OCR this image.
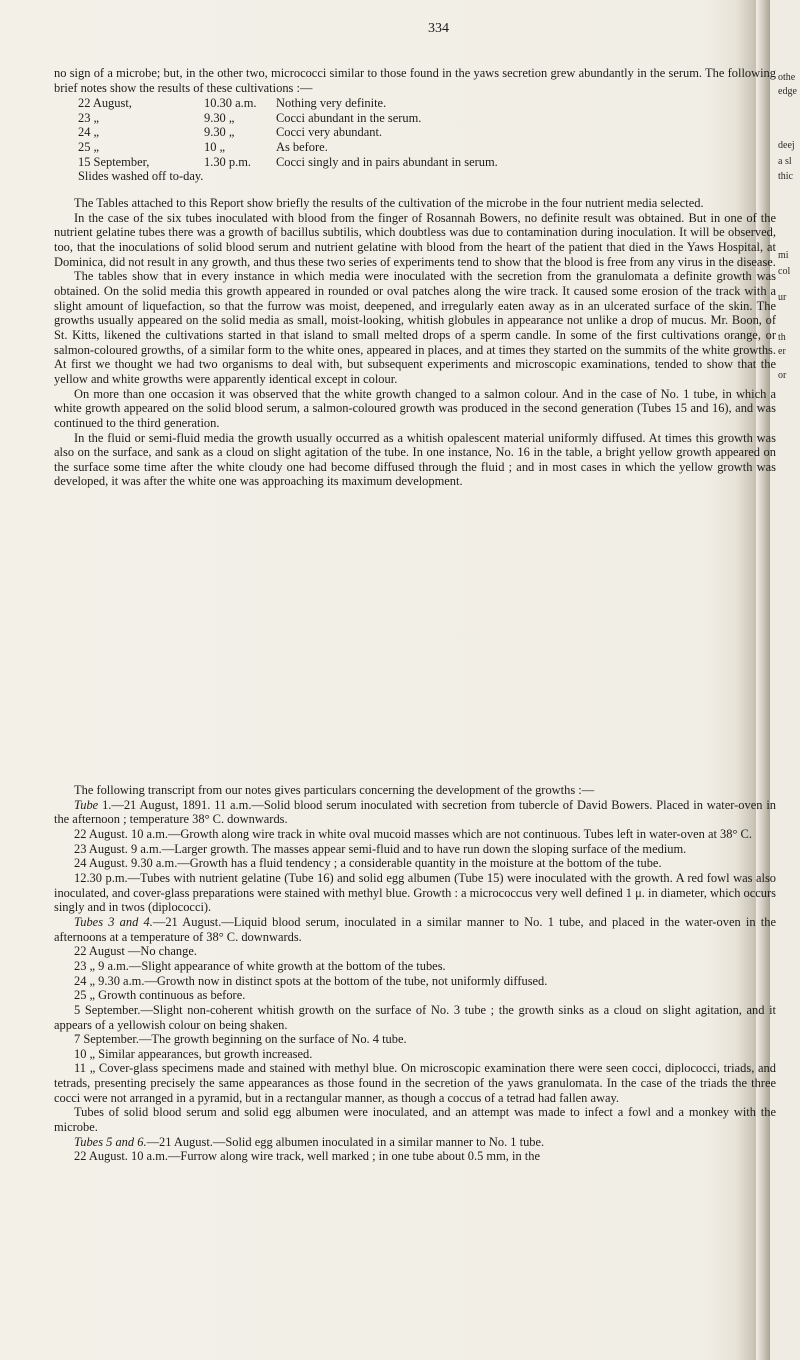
othe
edge
deej
a sl
thic
mi
col
ur
th
er
or
334

no sign of a microbe; but, in the other two, micrococci similar to those found in the yaws secretion grew abundantly in the serum. The following brief notes show the results of these cultivations :—

22 August,	10.30 a.m.	Nothing very definite.
23 „	9.30 „	Cocci abundant in the serum.
24 „	9.30 „	Cocci very abundant.
25 „	10 „	As before.
15 September,	1.30 p.m.	Cocci singly and in pairs abundant in serum.
Slides washed off to-day.

The Tables attached to this Report show briefly the results of the cultivation of the microbe in the four nutrient media selected.

In the case of the six tubes inoculated with blood from the finger of Rosannah Bowers, no definite result was obtained. But in one of the nutrient gelatine tubes there was a growth of bacillus subtilis, which doubtless was due to contamination during inoculation. It will be observed, too, that the inoculations of solid blood serum and nutrient gelatine with blood from the heart of the patient that died in the Yaws Hospital, at Dominica, did not result in any growth, and thus these two series of experiments tend to show that the blood is free from any virus in the disease.

The tables show that in every instance in which media were inoculated with the secretion from the granulomata a definite growth was obtained. On the solid media this growth appeared in rounded or oval patches along the wire track. It caused some erosion of the track with a slight amount of liquefaction, so that the furrow was moist, deepened, and irregularly eaten away as in an ulcerated surface of the skin. The growths usually appeared on the solid media as small, moist-looking, whitish globules in appearance not unlike a drop of mucus. Mr. Boon, of St. Kitts, likened the cultivations started in that island to small melted drops of a sperm candle. In some of the first cultivations orange, or salmon-coloured growths, of a similar form to the white ones, appeared in places, and at times they started on the summits of the white growths. At first we thought we had two organisms to deal with, but subsequent experiments and microscopic examinations, tended to show that the yellow and white growths were apparently identical except in colour.

On more than one occasion it was observed that the white growth changed to a salmon colour. And in the case of No. 1 tube, in which a white growth appeared on the solid blood serum, a salmon-coloured growth was produced in the second generation (Tubes 15 and 16), and was continued to the third generation.

In the fluid or semi-fluid media the growth usually occurred as a whitish opalescent material uniformly diffused. At times this growth was also on the surface, and sank as a cloud on slight agitation of the tube. In one instance, No. 16 in the table, a bright yellow growth appeared on the surface some time after the white cloudy one had become diffused through the fluid ; and in most cases in which the yellow growth was developed, it was after the white one was approaching its maximum development.

The following transcript from our notes gives particulars concerning the development of the growths :—

Tube 1.—21 August, 1891. 11 a.m.—Solid blood serum inoculated with secretion from tubercle of David Bowers. Placed in water-oven in the afternoon ; temperature 38° C. downwards.

22 August. 10 a.m.—Growth along wire track in white oval mucoid masses which are not continuous. Tubes left in water-oven at 38° C.

23 August. 9 a.m.—Larger growth. The masses appear semi-fluid and to have run down the sloping surface of the medium.

24 August. 9.30 a.m.—Growth has a fluid tendency ; a considerable quantity in the moisture at the bottom of the tube.

12.30 p.m.—Tubes with nutrient gelatine (Tube 16) and solid egg albumen (Tube 15) were inoculated with the growth. A red fowl was also inoculated, and cover-glass preparations were stained with methyl blue. Growth : a micrococcus very well defined 1 μ. in diameter, which occurs singly and in twos (diplococci).

Tubes 3 and 4.—21 August.—Liquid blood serum, inoculated in a similar manner to No. 1 tube, and placed in the water-oven in the afternoons at a temperature of 38° C. downwards.

22 August —No change.

23 „ 9 a.m.—Slight appearance of white growth at the bottom of the tubes.

24 „ 9.30 a.m.—Growth now in distinct spots at the bottom of the tube, not uniformly diffused.

25 „ Growth continuous as before.

5 September.—Slight non-coherent whitish growth on the surface of No. 3 tube ; the growth sinks as a cloud on slight agitation, and it appears of a yellowish colour on being shaken.

7 September.—The growth beginning on the surface of No. 4 tube.

10 „ Similar appearances, but growth increased.

11 „ Cover-glass specimens made and stained with methyl blue. On microscopic examination there were seen cocci, diplococci, triads, and tetrads, presenting precisely the same appearances as those found in the secretion of the yaws granulomata. In the case of the triads the three cocci were not arranged in a pyramid, but in a rectangular manner, as though a coccus of a tetrad had fallen away.

Tubes of solid blood serum and solid egg albumen were inoculated, and an attempt was made to infect a fowl and a monkey with the microbe.

Tubes 5 and 6.—21 August.—Solid egg albumen inoculated in a similar manner to No. 1 tube.

22 August. 10 a.m.—Furrow along wire track, well marked ; in one tube about 0.5 mm, in the
